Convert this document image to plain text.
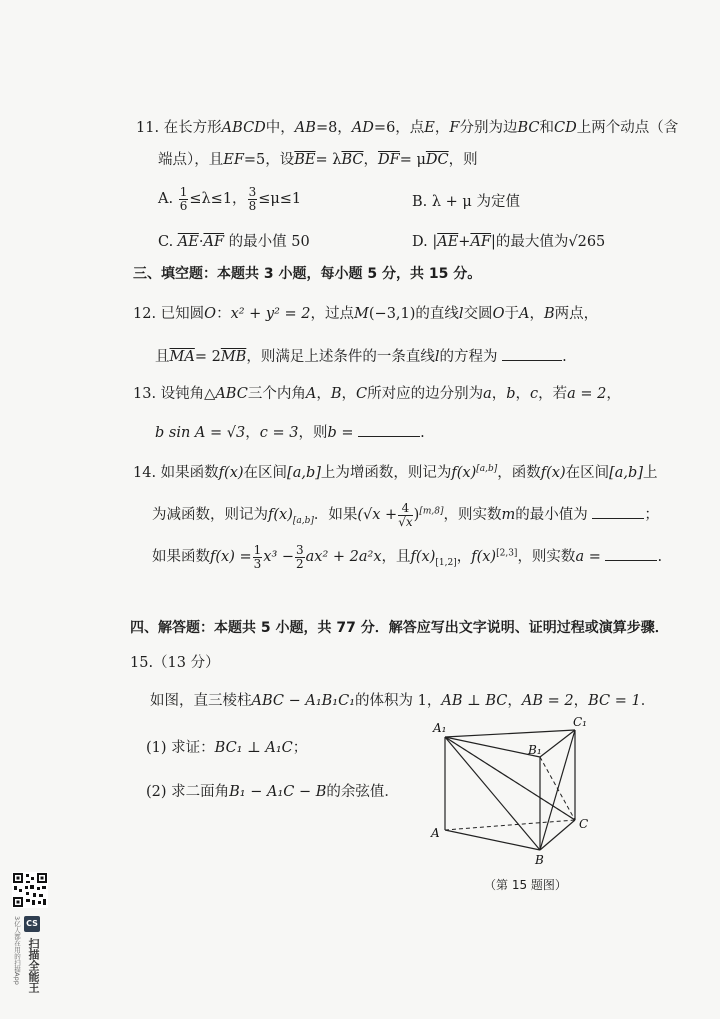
11. 在长方形ABCD中，AB=8，AD=6，点E，F分别为边BC和CD上两个动点（含
端点），且EF=5，设$\overline{BE}= \lambda\overline{BC}$，$\overline{DF}= \mu\overline{DC}$，则
A. $\frac{1}{6} \le\lambda\le 1$， $\frac{3}{8} \le\mu\le 1$	B. λ + μ 为定值
C. $\overline{AE}\cdot\overline{AF}$ 的最小值 50	D. $|\overline{AE}+\overline{AF}|$的最大值为√265
三、填空题：本题共 3 小题，每小题 5 分，共 15 分。
12. 已知圆O：x² + y² = 2，过点M(−3,1)的直线l交圆O于A，B两点，
且$\overline{MA}= 2\overline{MB}$，则满足上述条件的一条直线l的方程为	.
13. 设钝角△ABC三个内角A，B，C所对应的边分别为a，b，c，若a = 2，
b sin A = √3，c = 3，则b =	.
14. 如果函数f(x)在区间[a,b]上为增函数，则记为f(x)[a,b]，函数f(x)在区间[a,b]上
为减函数，则记为$f(x)_{[a,b]}$．如果$(√x + \frac{4}{√x} )[m,8]$，则实数m的最小值为	；
如果函数$f(x) = \frac{1}{3} x^3 - \frac{3}{2} ax^2 + 2a^2x$，且$f(x)_{[1,2]}$，f(x)[2,3]，则实数a =	.
四、解答题：本题共 5 小题，共 77 分．解答应写出文字说明、证明过程或演算步骤．
15.（13 分）
如图，直三棱柱ABC − A₁B₁C₁的体积为 1，AB ⊥ BC，AB = 2，BC = 1．
(1) 求证：BC₁ ⊥ A₁C；
(2) 求二面角B₁ − A₁C − B的余弦值．
A₁
B₁
C₁
A
B
C
（第 15 题图）
CS
扫描全能王
3亿人都在用的扫描App
